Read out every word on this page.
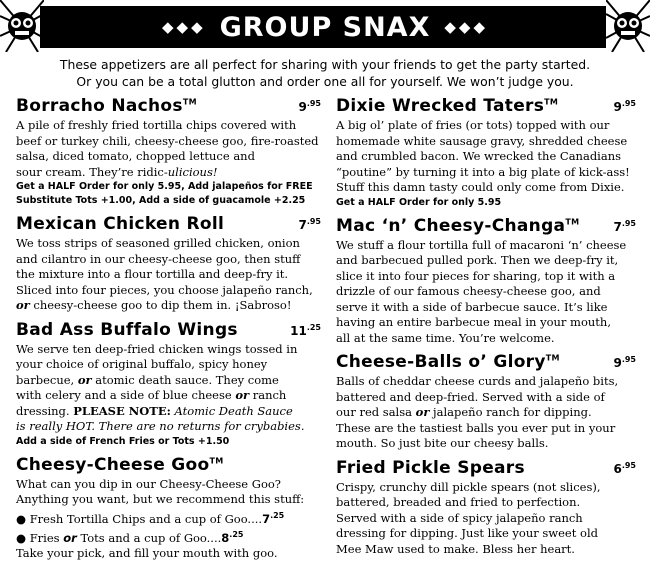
◆◆◆ GROUP SNAX ◆◆◆
These appetizers are all perfect for sharing with your friends to get the party started.
Or you can be a total glutton and order one all for yourself. We won’t judge you.
Borracho Nachos™	$9^{.95}$
A pile of freshly fried tortilla chips covered with
beef or turkey chili, cheesy-cheese goo, fire-roasted
salsa, diced tomato, chopped lettuce and
sour cream. They’re ridic-ulicious!
Get a HALF Order for only 5.95, Add jalapeños for FREE
Substitute Tots +1.00, Add a side of guacamole +2.25
Mexican Chicken Roll	$7^{.95}$
We toss strips of seasoned grilled chicken, onion
and cilantro in our cheesy-cheese goo, then stuff
the mixture into a flour tortilla and deep-fry it.
Sliced into four pieces, you choose jalapeño ranch,
or cheesy-cheese goo to dip them in. ¡Sabroso!
Bad Ass Buffalo Wings	$11^{.25}$
We serve ten deep-fried chicken wings tossed in
your choice of original buffalo, spicy honey
barbecue, or atomic death sauce. They come
with celery and a side of blue cheese or ranch
dressing. PLEASE NOTE: Atomic Death Sauce
is really HOT. There are no returns for crybabies.
Add a side of French Fries or Tots +1.50
Cheesy-Cheese Goo™
What can you dip in our Cheesy-Cheese Goo?
Anything you want, but we recommend this stuff:
● Fresh Tortilla Chips and a cup of $Goo....7^{.25}$
● Fries or Tots and a cup of $Goo....8^{.25}$
Take your pick, and fill your mouth with goo.
Dixie Wrecked Taters™	$9^{.95}$
A big ol’ plate of fries (or tots) topped with our
homemade white sausage gravy, shredded cheese
and crumbled bacon. We wrecked the Canadians
“poutine” by turning it into a big plate of kick-ass!
Stuff this damn tasty could only come from Dixie.
Get a HALF Order for only 5.95
Mac ‘n’ Cheesy-Changa™	$7^{.95}$
We stuff a flour tortilla full of macaroni ‘n’ cheese
and barbecued pulled pork. Then we deep-fry it,
slice it into four pieces for sharing, top it with a
drizzle of our famous cheesy-cheese goo, and
serve it with a side of barbecue sauce. It’s like
having an entire barbecue meal in your mouth,
all at the same time. You’re welcome.
Cheese-Balls o’ Glory™	$9^{.95}$
Balls of cheddar cheese curds and jalapeño bits,
battered and deep-fried. Served with a side of
our red salsa or jalapeño ranch for dipping.
These are the tastiest balls you ever put in your
mouth. So just bite our cheesy balls.
Fried Pickle Spears	$6^{.95}$
Crispy, crunchy dill pickle spears (not slices),
battered, breaded and fried to perfection.
Served with a side of spicy jalapeño ranch
dressing for dipping. Just like your sweet old
Mee Maw used to make. Bless her heart.
